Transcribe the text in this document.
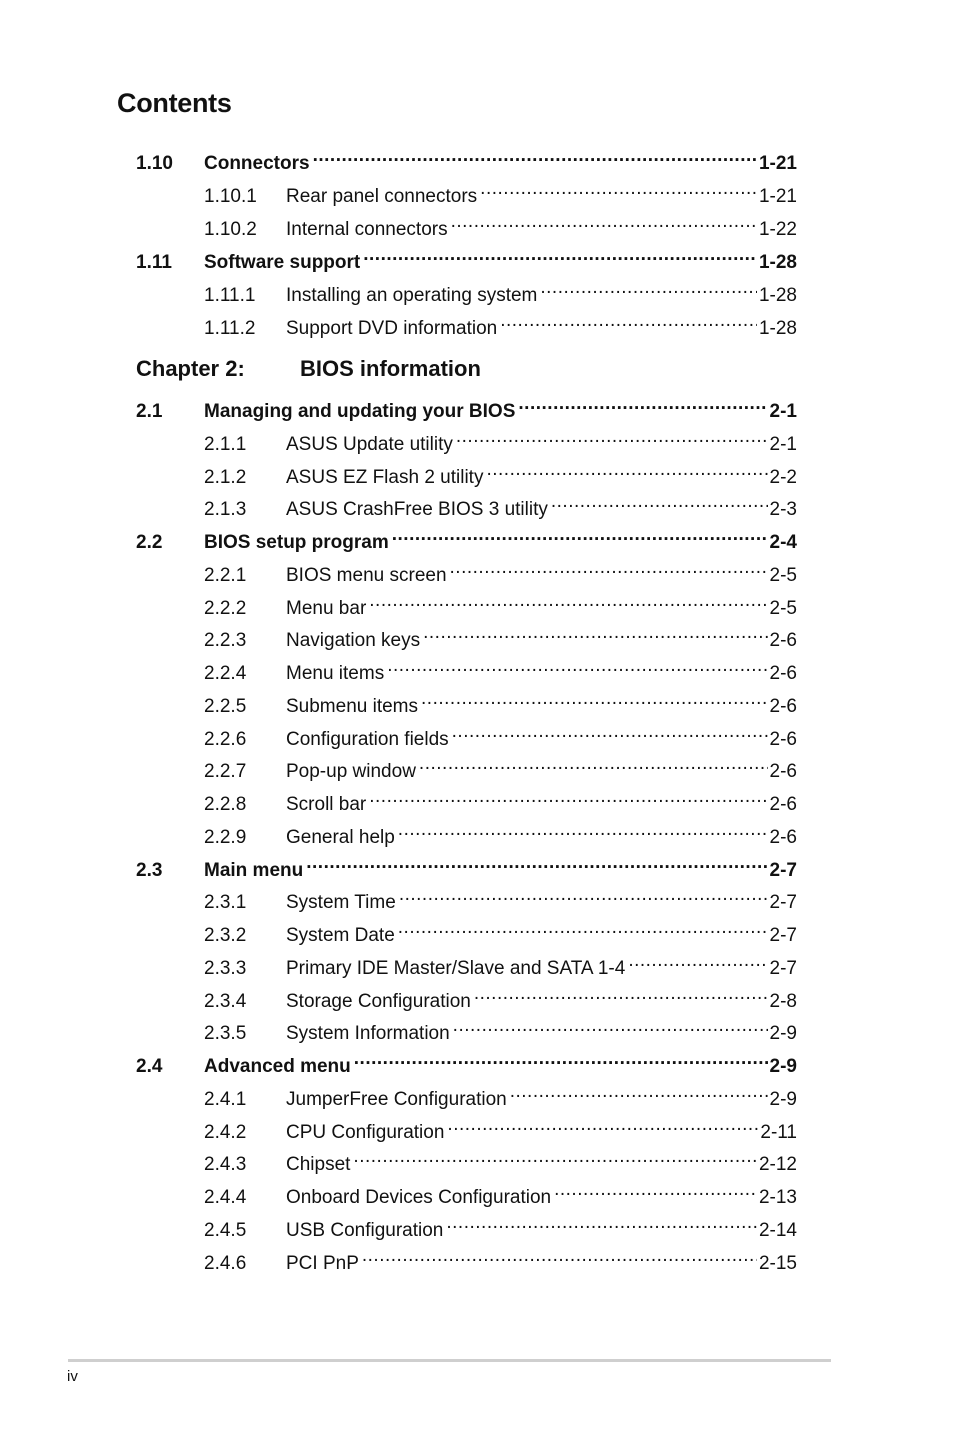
Contents
1.10	Connectors .....	1-21
1.10.1	Rear panel connectors .....	1-21
1.10.2	Internal connectors .....	1-22
1.11	Software support .....	1-28
1.11.1	Installing an operating system .....	1-28
1.11.2	Support DVD information .....	1-28
Chapter 2:	BIOS information
2.1	Managing and updating your BIOS .....	2-1
2.1.1	ASUS Update utility .....	2-1
2.1.2	ASUS EZ Flash 2 utility .....	2-2
2.1.3	ASUS CrashFree BIOS 3 utility .....	2-3
2.2	BIOS setup program .....	2-4
2.2.1	BIOS menu screen .....	2-5
2.2.2	Menu bar .....	2-5
2.2.3	Navigation keys .....	2-6
2.2.4	Menu items .....	2-6
2.2.5	Submenu items .....	2-6
2.2.6	Configuration fields .....	2-6
2.2.7	Pop-up window .....	2-6
2.2.8	Scroll bar .....	2-6
2.2.9	General help .....	2-6
2.3	Main menu .....	2-7
2.3.1	System Time .....	2-7
2.3.2	System Date .....	2-7
2.3.3	Primary IDE Master/Slave and SATA 1-4 .....	2-7
2.3.4	Storage Configuration .....	2-8
2.3.5	System Information .....	2-9
2.4	Advanced menu .....	2-9
2.4.1	JumperFree Configuration .....	2-9
2.4.2	CPU Configuration .....	2-11
2.4.3	Chipset .....	2-12
2.4.4	Onboard Devices Configuration .....	2-13
2.4.5	USB Configuration .....	2-14
2.4.6	PCI PnP .....	2-15
iv
